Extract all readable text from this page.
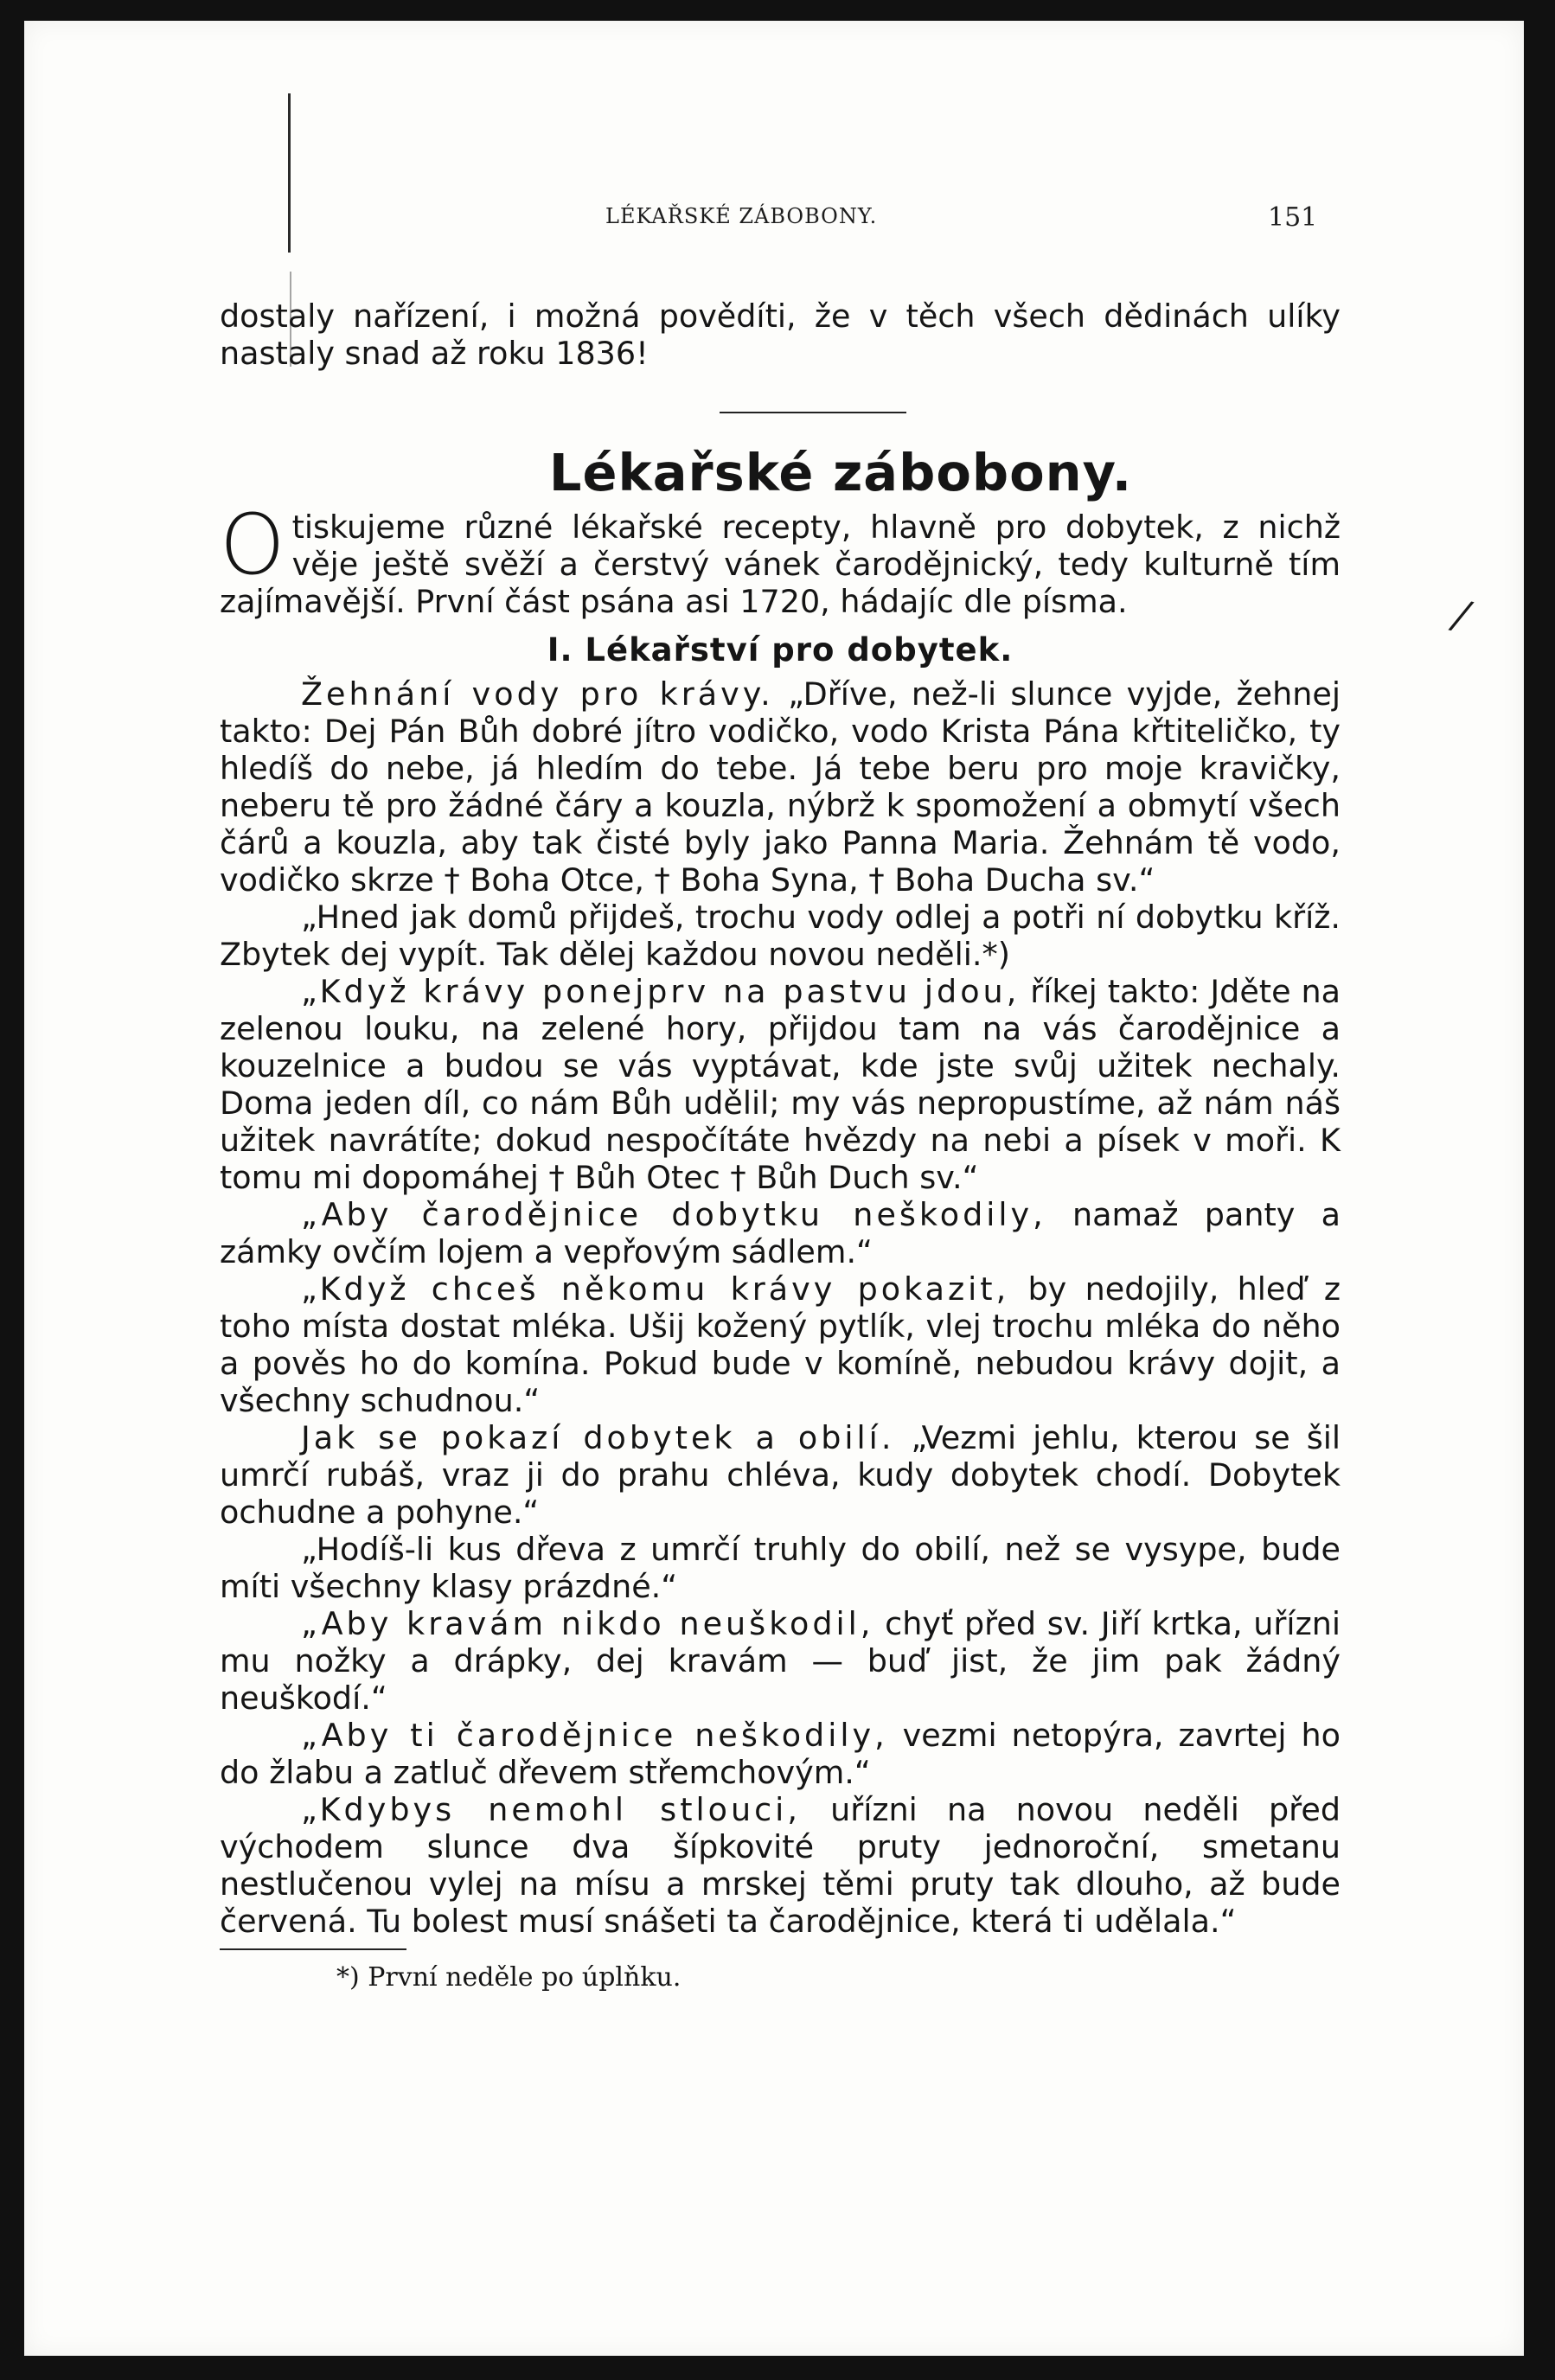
/
LÉKAŘSKÉ ZÁBOBONY.	151

dostaly nařízení, i možná povědíti, že v těch všech dědinách ulíky nastaly snad až roku 1836!

Lékařské zábobony.

Otiskujeme různé lékařské recepty, hlavně pro dobytek, z nichž věje ještě svěží a čerstvý vánek čarodějnický, tedy kulturně tím zajímavější. První část psána asi 1720, hádajíc dle písma.

I. Lékařství pro dobytek.

Žehnání vody pro krávy. „Dříve, než-li slunce vyjde, žehnej takto: Dej Pán Bůh dobré jítro vodičko, vodo Krista Pána křtiteličko, ty hledíš do nebe, já hledím do tebe. Já tebe beru pro moje kravičky, neberu tě pro žádné čáry a kouzla, nýbrž k spomožení a obmytí všech čárů a kouzla, aby tak čisté byly jako Panna Maria. Žehnám tě vodo, vodičko skrze † Boha Otce, † Boha Syna, † Boha Ducha sv.“

„Hned jak domů přijdeš, trochu vody odlej a potři ní dobytku kříž. Zbytek dej vypít. Tak dělej každou novou neděli.*)

„Když krávy ponejprv na pastvu jdou, říkej takto: Jděte na zelenou louku, na zelené hory, přijdou tam na vás čarodějnice a kouzelnice a budou se vás vyptávat, kde jste svůj užitek nechaly. Doma jeden díl, co nám Bůh udělil; my vás nepropustíme, až nám náš užitek navrátíte; dokud nespočítáte hvězdy na nebi a písek v moři. K tomu mi dopomáhej † Bůh Otec † Bůh Duch sv.“

„Aby čarodějnice dobytku neškodily, namaž panty a zámky ovčím lojem a vepřovým sádlem.“

„Když chceš někomu krávy pokazit, by nedojily, hleď z toho místa dostat mléka. Ušij kožený pytlík, vlej trochu mléka do něho a pověs ho do komína. Pokud bude v komíně, nebudou krávy dojit, a všechny schudnou.“

Jak se pokazí dobytek a obilí. „Vezmi jehlu, kterou se šil umrčí rubáš, vraz ji do prahu chléva, kudy dobytek chodí. Dobytek ochudne a pohyne.“

„Hodíš-li kus dřeva z umrčí truhly do obilí, než se vysype, bude míti všechny klasy prázdné.“

„Aby kravám nikdo neuškodil, chyť před sv. Jiří krtka, uřízni mu nožky a drápky, dej kravám — buď jist, že jim pak žádný neuškodí.“

„Aby ti čarodějnice neškodily, vezmi netopýra, zavrtej ho do žlabu a zatluč dřevem střemchovým.“

„Kdybys nemohl stlouci, uřízni na novou neděli před východem slunce dva šípkovité pruty jednoroční, smetanu nestlučenou vylej na mísu a mrskej těmi pruty tak dlouho, až bude červená. Tu bolest musí snášeti ta čarodějnice, která ti udělala.“

*) První neděle po úplňku.
